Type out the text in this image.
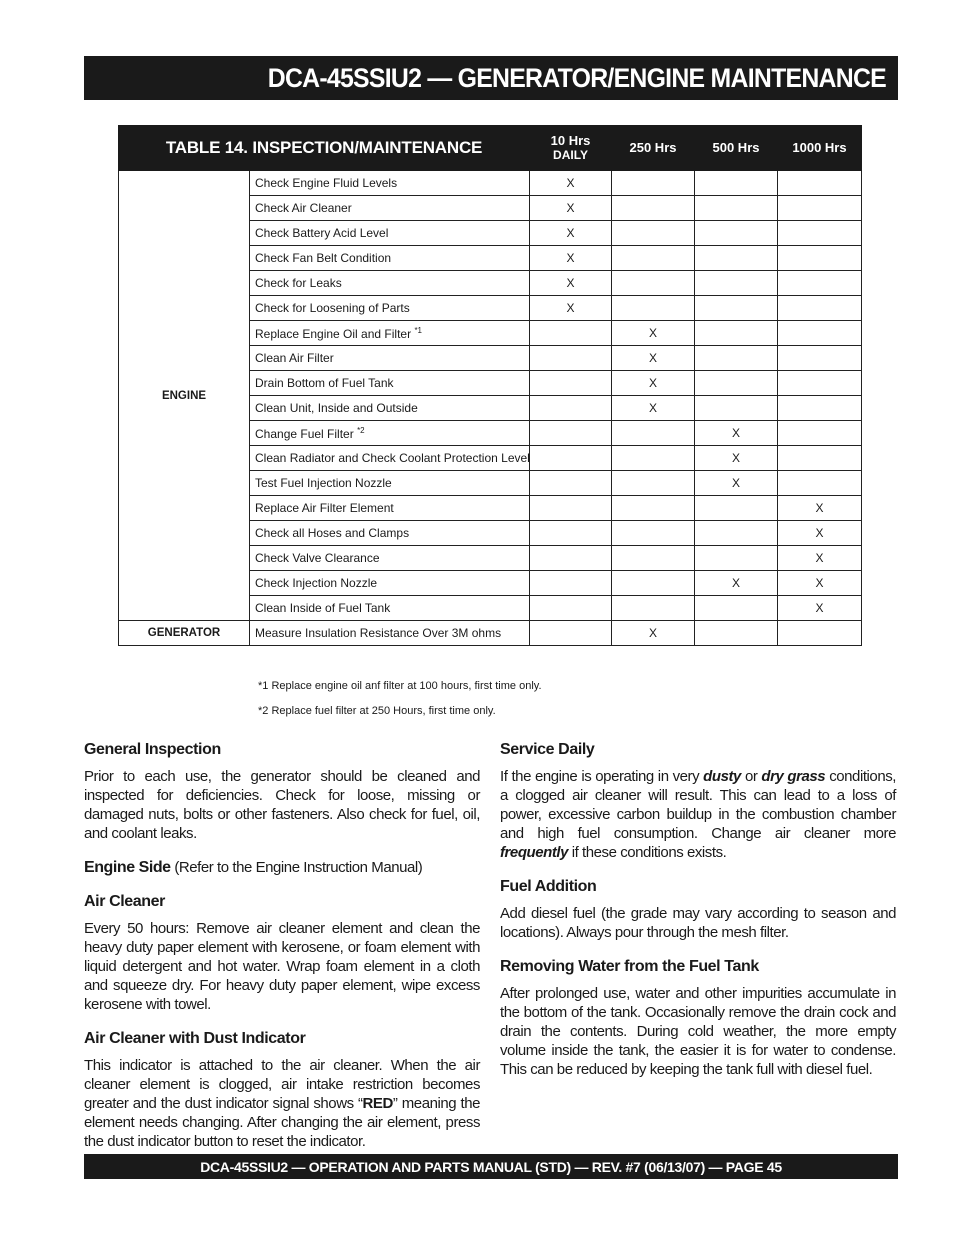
DCA-45SSIU2 — GENERATOR/ENGINE MAINTENANCE
TABLE 14. INSPECTION/MAINTENANCE		10 Hrs
DAILY	250 Hrs	500 Hrs	1000 Hrs
ENGINE	Check Engine Fluid Levels	X			
	Check Air Cleaner	X			
	Check Battery Acid Level	X			
	Check Fan Belt Condition	X			
	Check for Leaks	X			
	Check for Loosening of Parts	X			
	Replace Engine Oil and Filter $^{*1}$		X		
	Clean Air Filter		X		
	Drain Bottom of Fuel Tank		X		
	Clean Unit, Inside and Outside		X		
	Change Fuel Filter $^{*2}$			X	
	Clean Radiator and Check Coolant Protection Level			X	
	Test Fuel Injection Nozzle			X	
	Replace Air Filter Element				X
	Check all Hoses and Clamps				X
	Check Valve Clearance				X
	Check Injection Nozzle			X	X
	Clean Inside of Fuel Tank				X
GENERATOR	Measure Insulation Resistance Over 3M ohms		X		
*1 Replace engine oil anf filter at 100 hours, first time only.
*2 Replace fuel filter at 250 Hours, first time only.
General Inspection

Prior to each use, the generator should be cleaned and inspected for deficiencies. Check for loose, missing or damaged nuts, bolts or other fasteners. Also check for fuel, oil, and coolant leaks.

Engine Side (Refer to the Engine Instruction Manual)

Air Cleaner

Every 50 hours: Remove air cleaner element and clean the heavy duty paper element with kerosene, or foam element with liquid detergent and hot water. Wrap foam element in a cloth and squeeze dry. For heavy duty paper element, wipe excess kerosene with towel.

Air Cleaner with Dust Indicator

This indicator is attached to the air cleaner. When the air cleaner element is clogged, air intake restriction becomes greater and the dust indicator signal shows “RED” meaning the element needs changing. After changing the air element, press the dust indicator button to reset the indicator.

Service Daily

If the engine is operating in very dusty or dry grass conditions, a clogged air cleaner will result. This can lead to a loss of power, excessive carbon buildup in the combustion chamber and high fuel consumption. Change air cleaner more frequently if these conditions exists.

Fuel Addition

Add diesel fuel (the grade may vary according to season and locations). Always pour through the mesh filter.

Removing Water from the Fuel Tank

After prolonged use, water and other impurities accumulate in the bottom of the tank. Occasionally remove the drain cock and drain the contents. During cold weather, the more empty volume inside the tank, the easier it is for water to condense. This can be reduced by keeping the tank full with diesel fuel.

DCA-45SSIU2 — OPERATION AND PARTS MANUAL (STD) — REV. #7 (06/13/07) — PAGE 45
